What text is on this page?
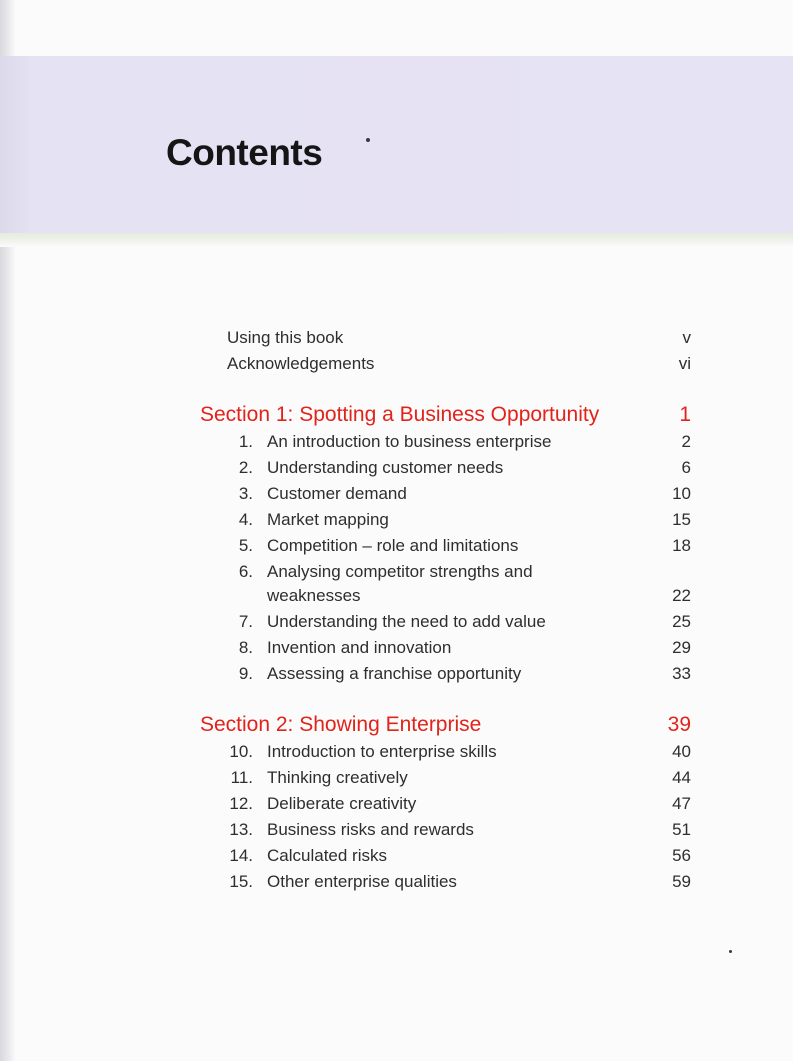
Contents
Using this book	v
Acknowledgements	vi
Section 1: Spotting a Business Opportunity	1
1. An introduction to business enterprise	2
2. Understanding customer needs	6
3. Customer demand	10
4. Market mapping	15
5. Competition – role and limitations	18
6. Analysing competitor strengths and
weaknesses	22
7. Understanding the need to add value	25
8. Invention and innovation	29
9. Assessing a franchise opportunity	33
Section 2: Showing Enterprise	39
10. Introduction to enterprise skills	40
11. Thinking creatively	44
12. Deliberate creativity	47
13. Business risks and rewards	51
14. Calculated risks	56
15. Other enterprise qualities	59
